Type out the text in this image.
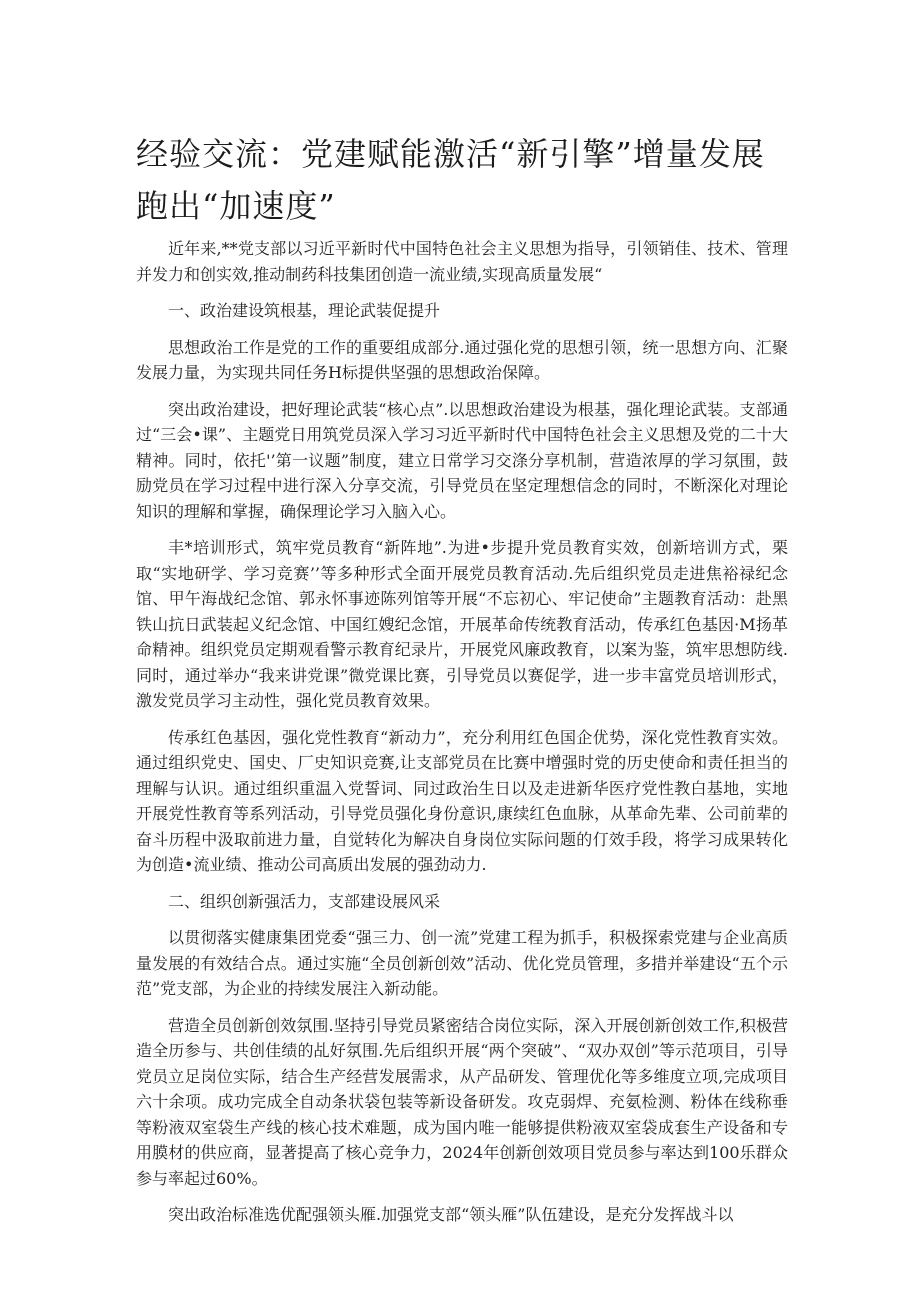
经验交流：党建赋能激活“新引擎”增量发展跑出“加速度”

近年来,**党支部以习近平新时代中国特色社会主义思想为指导，引领销佳、技术、管理并发力和创实效,推动制药科技集团创造一流业绩,实现高质量发展“

一、政治建设筑根基，理论武装促提升

思想政治工作是党的工作的重要组成部分.通过强化党的思想引领，统一思想方向、汇聚发展力量，为实现共同任务H标提供坚强的思想政治保障。

突出政治建设，把好理论武装“核心点”.以思想政治建设为根基，强化理论武装。支部通过“三会•课”、主题党日用筑党员深入学习习近平新时代中国特色社会主义思想及党的二十大精神。同时，依托'’第一议题”制度，建立日常学习交涤分享机制，营造浓厚的学习氛围，鼓励党员在学习过程中进行深入分享交流，引导党员在坚定理想信念的同时，不断深化对理论知识的理解和掌握，确保理论学习入脑入心。

丰*培训形式，筑牢党员教育“新阵地”.为进•步提升党员教育实效，创新培训方式，栗取“实地研学、学习竞赛’’等多种形式全面开展党员教育活动.先后组织党员走进焦裕禄纪念馆、甲午海战纪念馆、郭永怀事迹陈列馆等开展“不忘初心、牢记使命”主题教育活动：赴黑铁山抗日武装起义纪念馆、中国红嫂纪念馆，开展革命传统教育活动，传承红色基因·M扬革命精神。组织党员定期观看警示教育纪录片，开展党风廉政教育，以案为鉴，筑牢思想防线.同时，通过举办“我来讲党课”微党课比赛，引导党员以赛促学，进一步丰富党员培训形式，激发党员学习主动性，强化党员教育效果。

传承红色基因，强化党性教育“新动力”，充分利用红色国企优势，深化党性教育实效。通过组织党史、国史、厂史知识竞赛,让支部党员在比赛中增强时党的历史使命和责任担当的理解与认识。通过组织重温入党誓词、同过政治生日以及走进新华医疗党性教白基地，实地开展党性教育等系列活动，引导党员强化身份意识,康续红色血脉，从革命先辈、公司前辈的奋斗历程中汲取前进力量，自觉转化为解决自身岗位实际问题的仃效手段，将学习成果转化为创造•流业绩、推动公司高质出发展的强劲动力.

二、组织创新强活力，支部建设展风采

以贯彻落实健康集团党委“强三力、创一流”党建工程为抓手，积极探索党建与企业高质量发展的有效结合点。通过实施“全员创新创效”活动、优化党员管理，多措并举建设“五个示范”党支部，为企业的持续发展注入新动能。

营造全员创新创效氛围.坚持引导党员紧密结合岗位实际，深入开展创新创效工作,积极营造全历参与、共创佳绩的乩好氛围.先后组织开展“两个突破”、“双办双创”等示范项目，引导党员立足岗位实际，结合生产经营发展需求，从产品研发、管理优化等多维度立项,完成项目六十余项。成功完成全自动条状袋包装等新设备研发。攻克弱焊、充氨检测、粉体在线称垂等粉液双室袋生产线的核心技术难题，成为国内唯一能够提供粉液双室袋成套生产设备和专用膜材的供应商，显著提高了核心竞争力，2024年创新创效项目党员参与率达到100乐群众参与率起过60%。

突出政治标准选优配强领头雁.加强党支部“领头雁”队伍建设，是充分发挥战斗以
